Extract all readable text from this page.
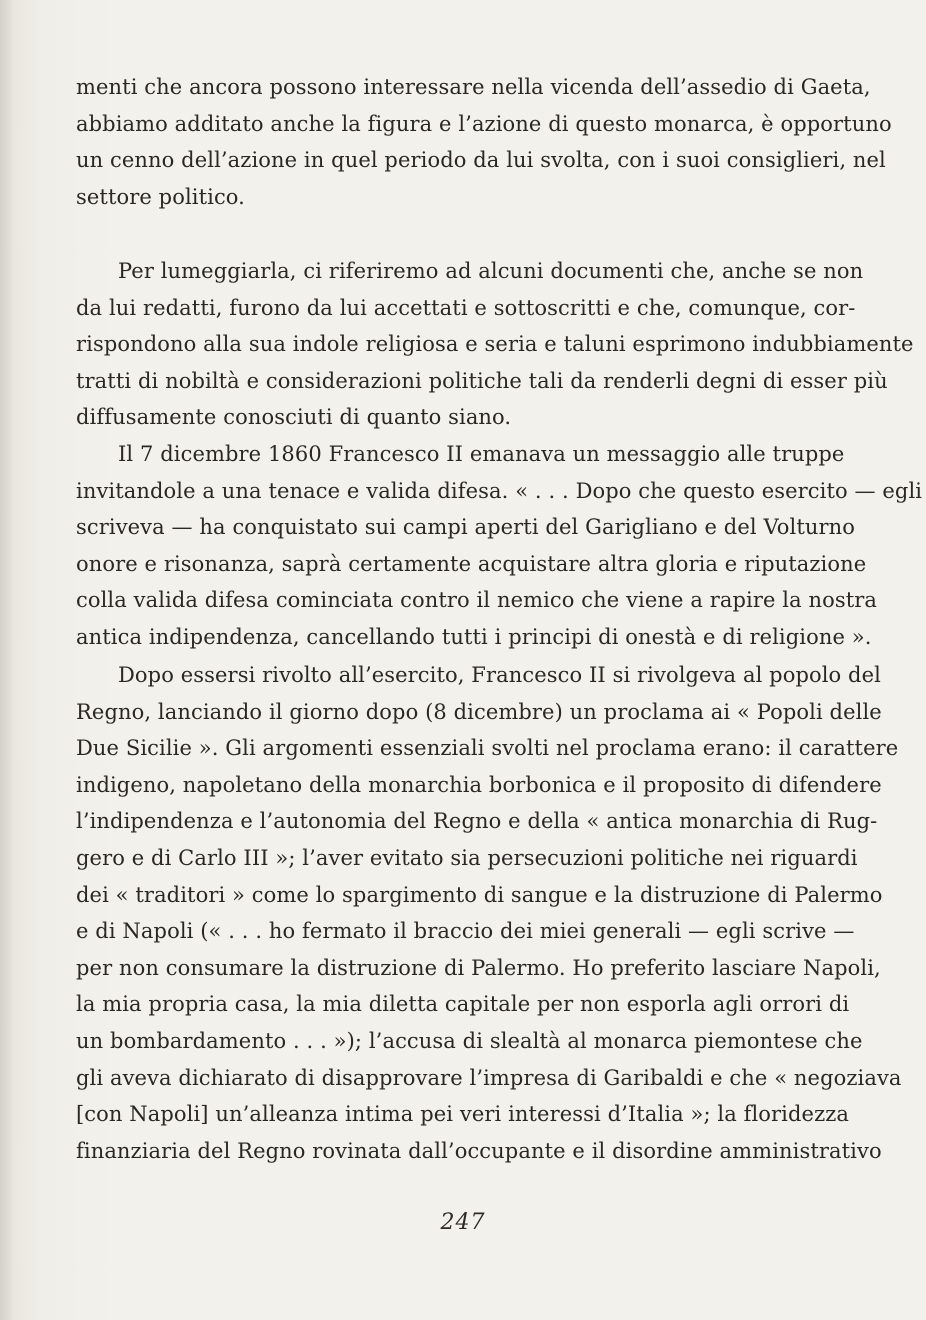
menti che ancora possono interessare nella vicenda dell’assedio di Gaeta,
abbiamo additato anche la figura e l’azione di questo monarca, è opportuno
un cenno dell’azione in quel periodo da lui svolta, con i suoi consiglieri, nel
settore politico.
Per lumeggiarla, ci riferiremo ad alcuni documenti che, anche se non
da lui redatti, furono da lui accettati e sottoscritti e che, comunque, cor-
rispondono alla sua indole religiosa e seria e taluni esprimono indubbiamente
tratti di nobiltà e considerazioni politiche tali da renderli degni di esser più
diffusamente conosciuti di quanto siano.
Il 7 dicembre 1860 Francesco II emanava un messaggio alle truppe
invitandole a una tenace e valida difesa. « . . . Dopo che questo esercito — egli
scriveva — ha conquistato sui campi aperti del Garigliano e del Volturno
onore e risonanza, saprà certamente acquistare altra gloria e riputazione
colla valida difesa cominciata contro il nemico che viene a rapire la nostra
antica indipendenza, cancellando tutti i principi di onestà e di religione ».
Dopo essersi rivolto all’esercito, Francesco II si rivolgeva al popolo del
Regno, lanciando il giorno dopo (8 dicembre) un proclama ai « Popoli delle
Due Sicilie ». Gli argomenti essenziali svolti nel proclama erano: il carattere
indigeno, napoletano della monarchia borbonica e il proposito di difendere
l’indipendenza e l’autonomia del Regno e della « antica monarchia di Rug-
gero e di Carlo III »; l’aver evitato sia persecuzioni politiche nei riguardi
dei « traditori » come lo spargimento di sangue e la distruzione di Palermo
e di Napoli (« . . . ho fermato il braccio dei miei generali — egli scrive —
per non consumare la distruzione di Palermo. Ho preferito lasciare Napoli,
la mia propria casa, la mia diletta capitale per non esporla agli orrori di
un bombardamento . . . »); l’accusa di slealtà al monarca piemontese che
gli aveva dichiarato di disapprovare l’impresa di Garibaldi e che « negoziava
[con Napoli] un’alleanza intima pei veri interessi d’Italia »; la floridezza
finanziaria del Regno rovinata dall’occupante e il disordine amministrativo
247
